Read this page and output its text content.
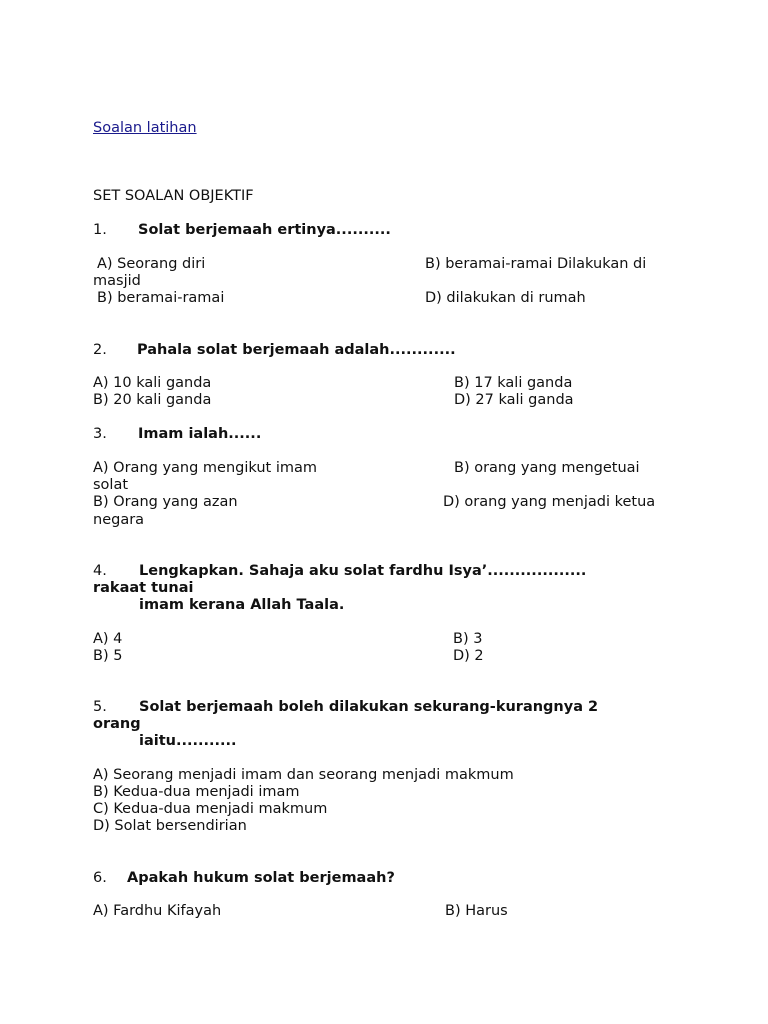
Soalan latihan
SET SOALAN OBJEKTIF
1. Solat berjemaah ertinya..........
A) Seorang diri	B) beramai-ramai Dilakukan di
masjid
B) beramai-ramai	D) dilakukan di rumah
2. Pahala solat berjemaah adalah............
A) 10 kali ganda	B) 17 kali ganda
B) 20 kali ganda	D) 27 kali ganda
3. Imam ialah......
A) Orang yang mengikut imam	B) orang yang mengetuai
solat
B) Orang yang azan	D) orang yang menjadi ketua
negara
4. Lengkapkan. Sahaja aku solat fardhu Isya’..................
rakaat tunai
imam kerana Allah Taala.
A) 4	B) 3
B) 5	D) 2
5. Solat berjemaah boleh dilakukan sekurang-kurangnya 2
orang
iaitu...........
A) Seorang menjadi imam dan seorang menjadi makmum
B) Kedua-dua menjadi imam
C) Kedua-dua menjadi makmum
D) Solat bersendirian
6. Apakah hukum solat berjemaah?
A) Fardhu Kifayah	B) Harus
